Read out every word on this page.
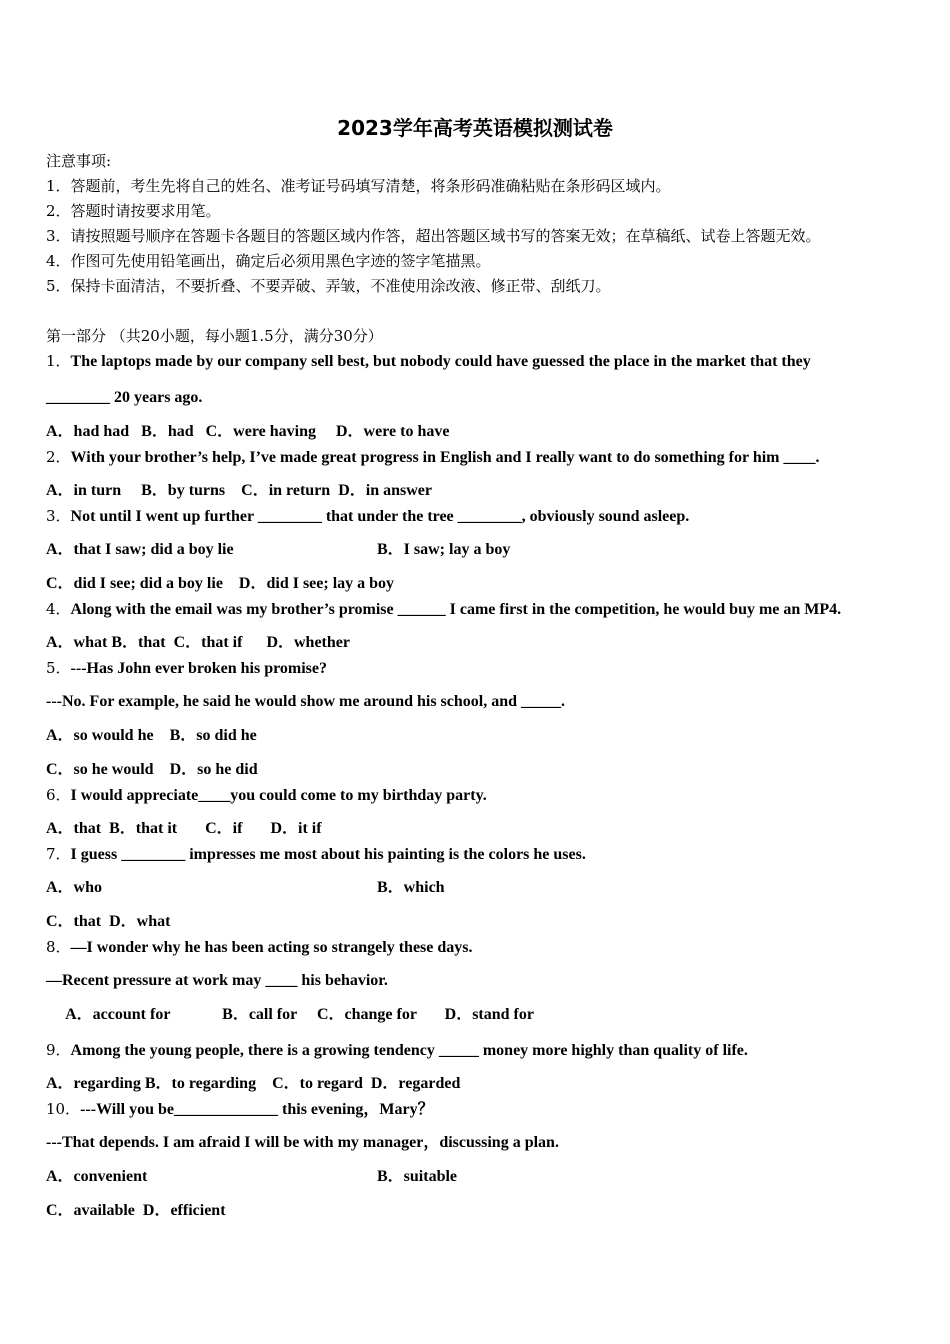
2023学年高考英语模拟测试卷
注意事项:
1．答题前，考生先将自己的姓名、准考证号码填写清楚，将条形码准确粘贴在条形码区域内。
2．答题时请按要求用笔。
3．请按照题号顺序在答题卡各题目的答题区域内作答，超出答题区域书写的答案无效；在草稿纸、试卷上答题无效。
4．作图可先使用铅笔画出，确定后必须用黑色字迹的签字笔描黑。
5．保持卡面清洁，不要折叠、不要弄破、弄皱，不准使用涂改液、修正带、刮纸刀。
第一部分 （共20小题，每小题1.5分，满分30分）
1．The laptops made by our company sell best, but nobody could have guessed the place in the market that they
________ 20 years ago.
A．had had   B．had   C．were having     D．were to have
2．With your brother’s help, I’ve made great progress in English and I really want to do something for him ____.
A．in turn     B．by turns    C．in return  D．in answer
3．Not until I went up further ________ that under the tree ________, obviously sound asleep.
A．that I saw; did a boy lie	B．I saw; lay a boy
C．did I see; did a boy lie    D．did I see; lay a boy
4．Along with the email was my brother’s promise ______ I came first in the competition, he would buy me an MP4.
A．what B．that  C．that if      D．whether
5．---Has John ever broken his promise?
---No. For example, he said he would show me around his school, and _____.
A．so would he    B．so did he
C．so he would    D．so he did
6．I would appreciate____you could come to my birthday party.
A．that  B．that it       C．if       D．it if
7．I guess ________ impresses me most about his painting is the colors he uses.
A．who	B．which
C．that  D．what
8．—I wonder why he has been acting so strangely these days.
—Recent pressure at work may ____ his behavior.
A．account for             B．call for     C．change for       D．stand for
9．Among the young people, there is a growing tendency _____ money more highly than quality of life.
A．regarding B．to regarding    C．to regard  D．regarded
10．---Will you be_____________ this evening，Mary？
---That depends. I am afraid I will be with my manager，discussing a plan.
A．convenient	B．suitable
C．available  D．efficient
